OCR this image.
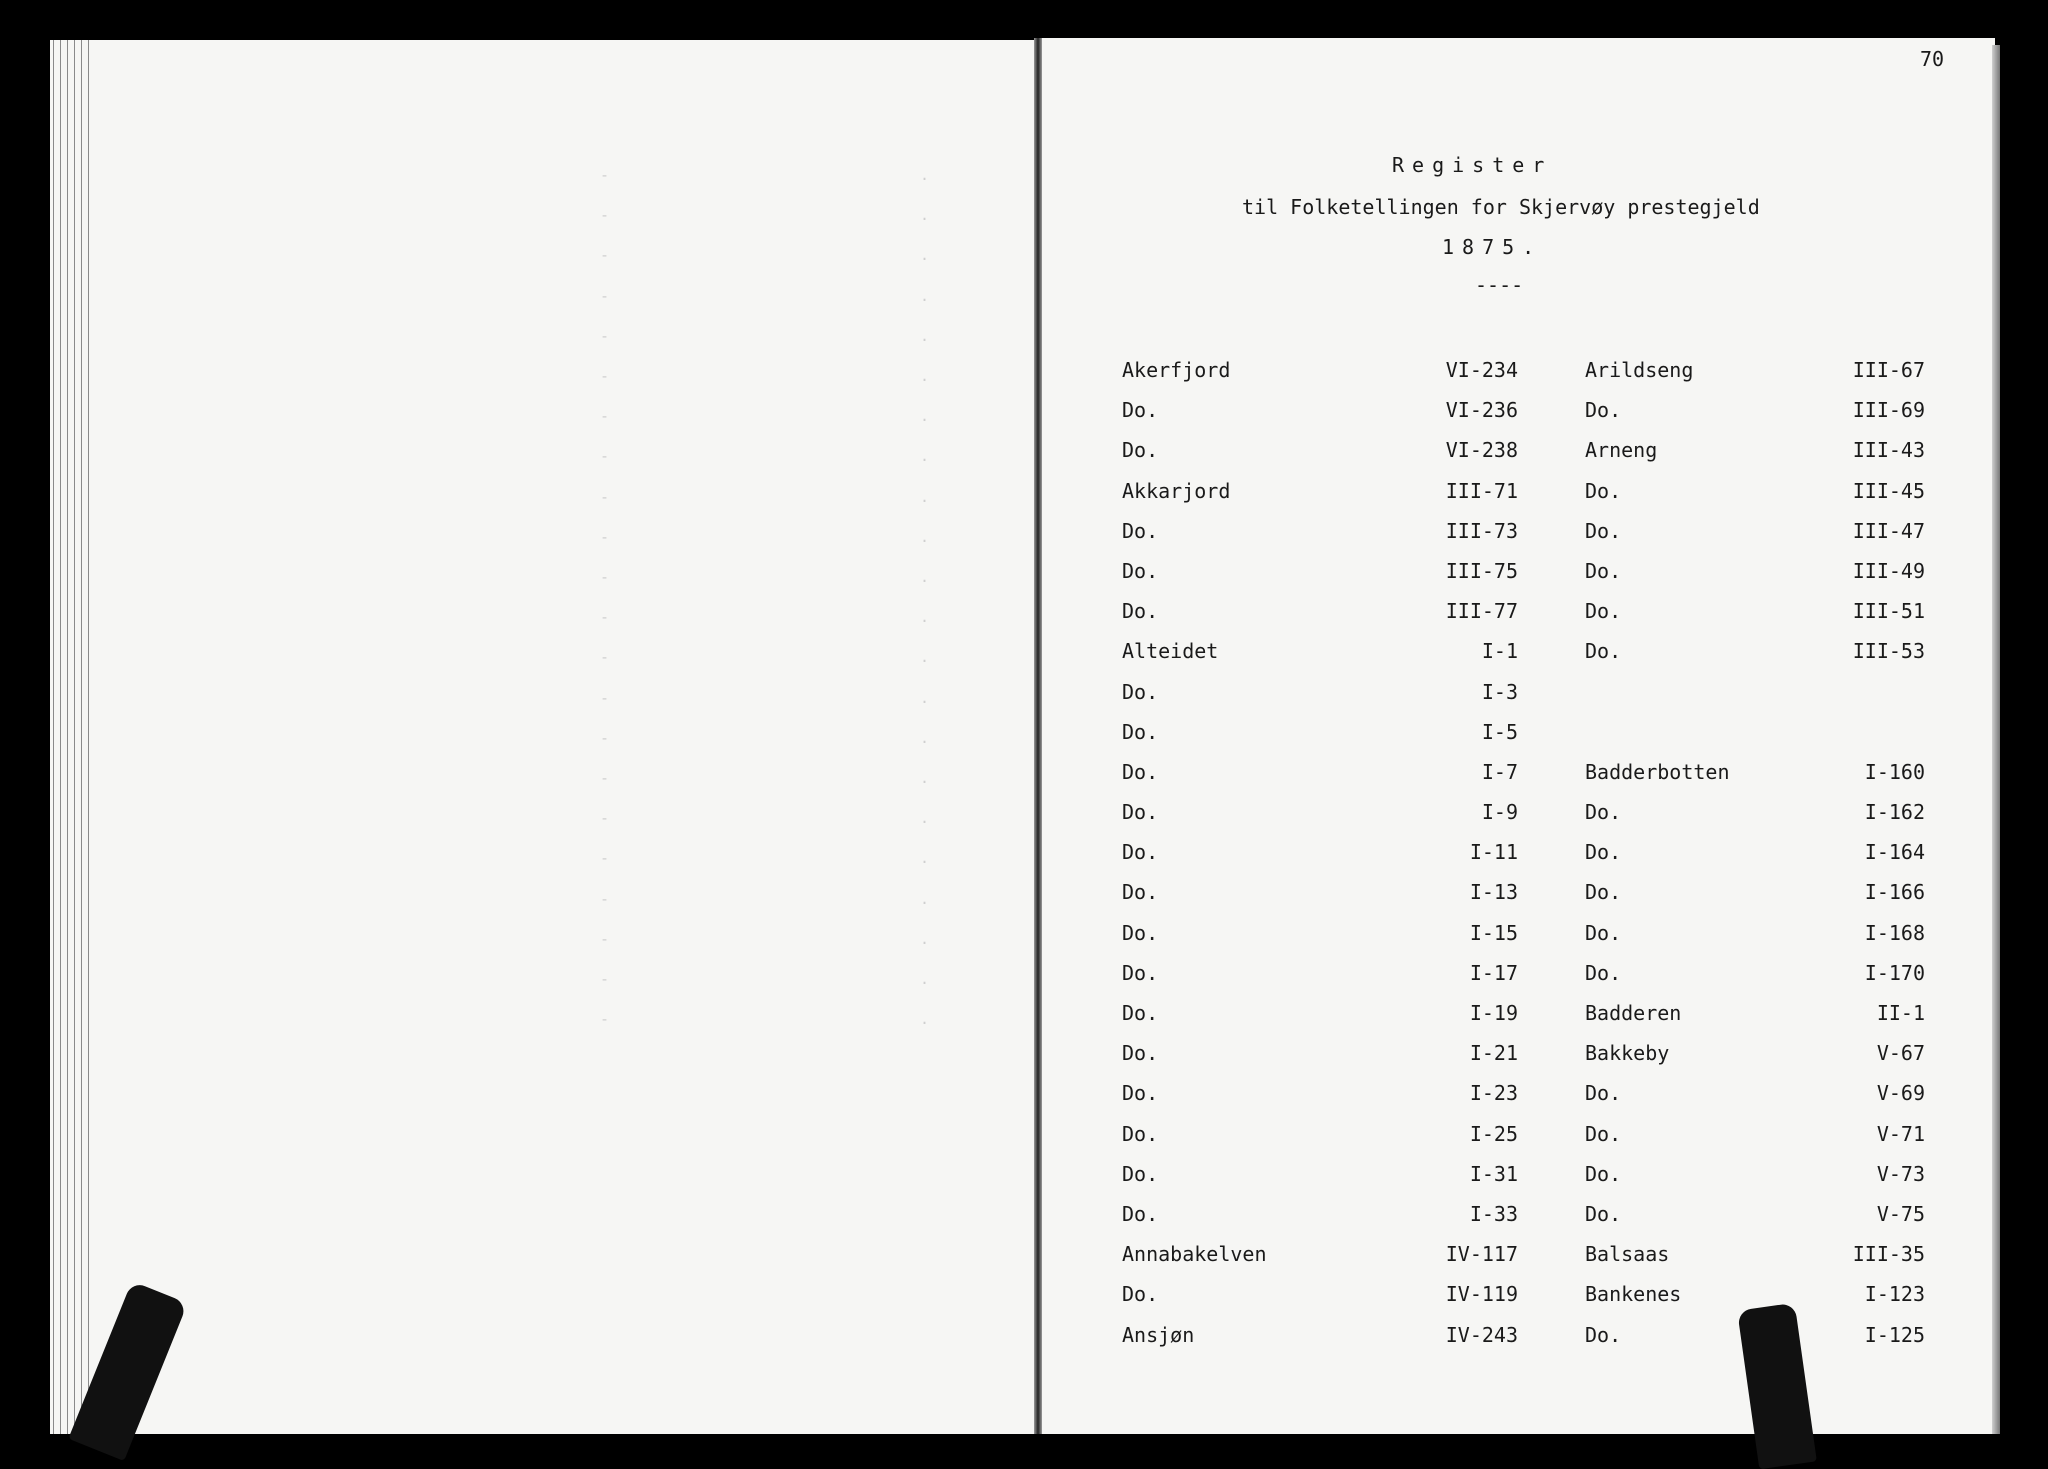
-
-
-
-
-
-
-
-
-
-
-
-
-
-
-
-
-
-
-
-
-
-
.
.
.
.
.
.
.
.
.
.
.
.
.
.
.
.
.
.
.
.
.
.
70
Register
til Folketellingen for Skjervøy prestegjeld
1875.
----
Akerfjord
Do.
Do.
Akkarjord
Do.
Do.
Do.
Alteidet
Do.
Do.
Do.
Do.
Do.
Do.
Do.
Do.
Do.
Do.
Do.
Do.
Do.
Do.
Annabakelven
Do.
Ansjøn
VI-234
VI-236
VI-238
III-71
III-73
III-75
III-77
I-1
I-3
I-5
I-7
I-9
I-11
I-13
I-15
I-17
I-19
I-21
I-23
I-25
I-31
I-33
IV-117
IV-119
IV-243
Arildseng
Do.
Arneng
Do.
Do.
Do.
Do.
Do.
Badderbotten
Do.
Do.
Do.
Do.
Do.
Badderen
Bakkeby
Do.
Do.
Do.
Do.
Balsaas
Bankenes
Do.
III-67
III-69
III-43
III-45
III-47
III-49
III-51
III-53
I-160
I-162
I-164
I-166
I-168
I-170
II-1
V-67
V-69
V-71
V-73
V-75
III-35
I-123
I-125
